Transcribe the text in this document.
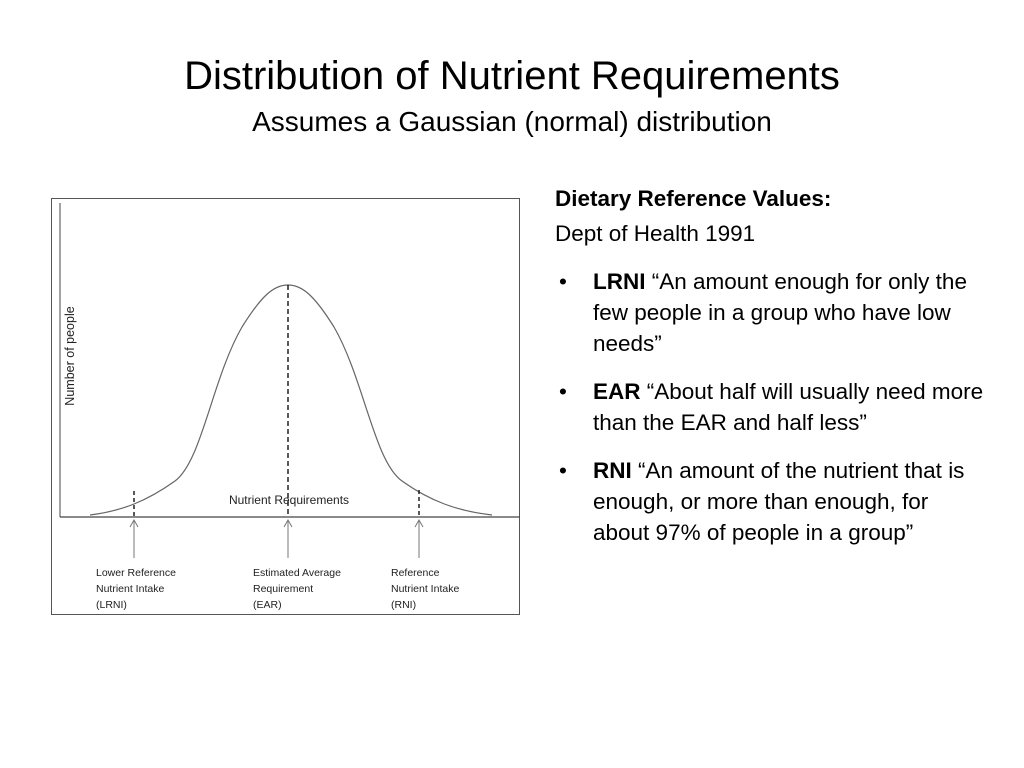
Distribution of Nutrient Requirements
Assumes a Gaussian (normal) distribution
Number of people
Nutrient Requirements
Lower Reference Nutrient Intake (LRNI)
Estimated Average Requirement (EAR)
Reference Nutrient Intake (RNI)

Dietary Reference Values:

Dept of Health 1991

• LRNI “An amount enough for only the few people in a group who have low needs”
• EAR “About half will usually need more than the EAR and half less”
• RNI “An amount of the nutrient that is enough, or more than enough, for about 97% of people in a group”
